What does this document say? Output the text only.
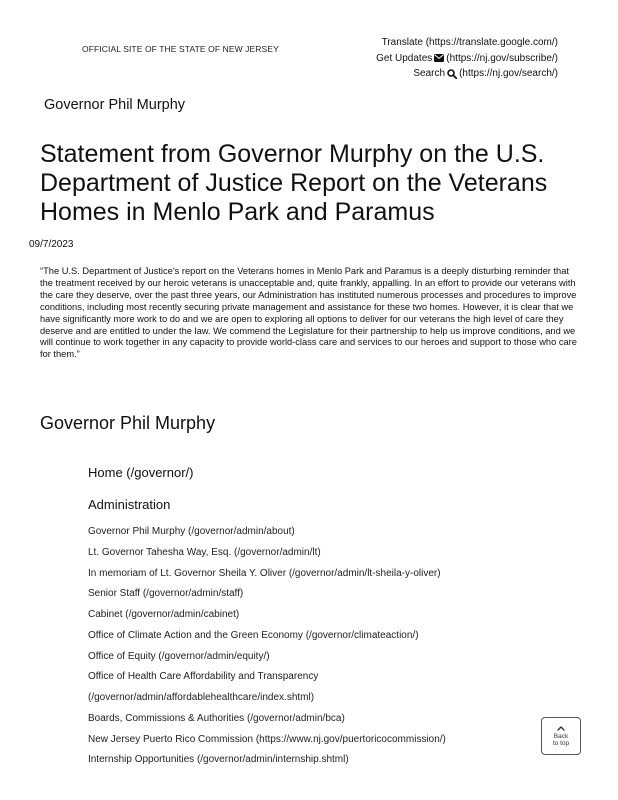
OFFICIAL SITE OF THE STATE OF NEW JERSEY
Translate (https://translate.google.com/)
Get Updates (https://nj.gov/subscribe/)
Search (https://nj.gov/search/)
Governor Phil Murphy
Statement from Governor Murphy on the U.S. Department of Justice Report on the Veterans Homes in Menlo Park and Paramus
09/7/2023

“The U.S. Department of Justice’s report on the Veterans homes in Menlo Park and Paramus is a deeply disturbing reminder that the treatment received by our heroic veterans is unacceptable and, quite frankly, appalling. In an effort to provide our veterans with the care they deserve, over the past three years, our Administration has instituted numerous processes and procedures to improve conditions, including most recently securing private management and assistance for these two homes. However, it is clear that we have significantly more work to do and we are open to exploring all options to deliver for our veterans the high level of care they deserve and are entitled to under the law. We commend the Legislature for their partnership to help us improve conditions, and we will continue to work together in any capacity to provide world-class care and services to our heroes and support to those who care for them.”

Governor Phil Murphy
Home (/governor/)
Administration
Governor Phil Murphy (/governor/admin/about)
Lt. Governor Tahesha Way, Esq. (/governor/admin/lt)
In memoriam of Lt. Governor Sheila Y. Oliver (/governor/admin/lt-sheila-y-oliver)
Senior Staff (/governor/admin/staff)
Cabinet (/governor/admin/cabinet)
Office of Climate Action and the Green Economy (/governor/climateaction/)
Office of Equity (/governor/admin/equity/)
Office of Health Care Affordability and Transparency
(/governor/admin/affordablehealthcare/index.shtml)
Boards, Commissions & Authorities (/governor/admin/bca)
New Jersey Puerto Rico Commission (https://www.nj.gov/puertoricocommission/)
Internship Opportunities (/governor/admin/internship.shtml)
Back
to top
